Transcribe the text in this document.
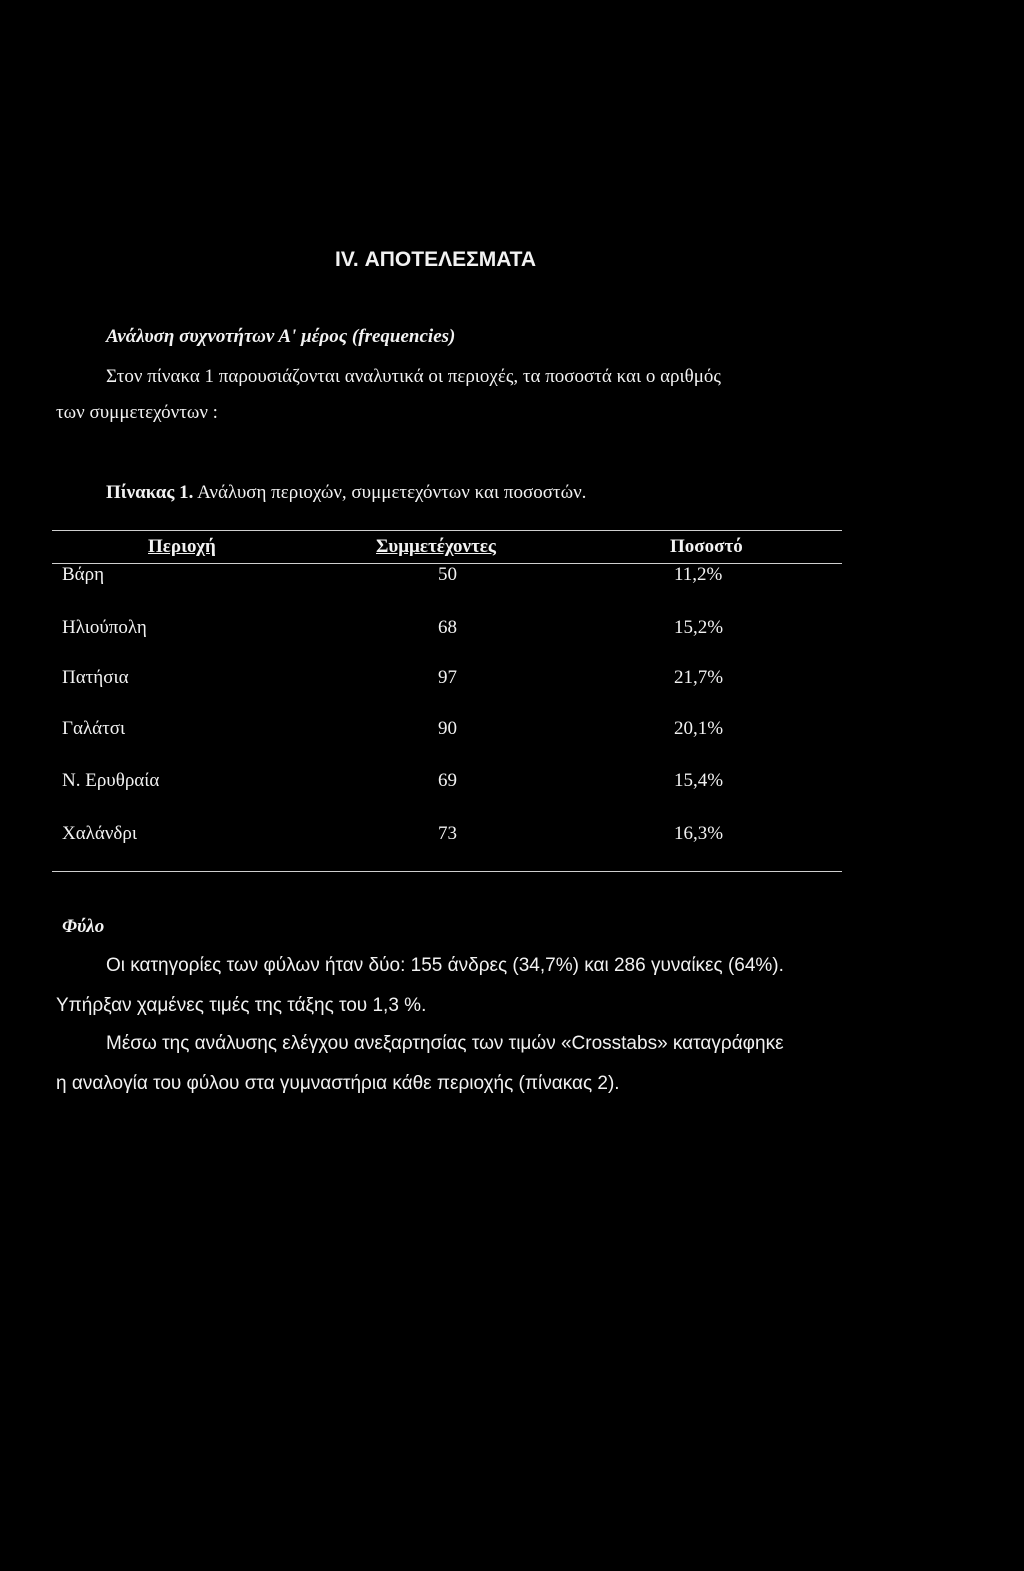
IV. ΑΠΟΤΕΛΕΣΜΑΤΑ
Ανάλυση συχνοτήτων Α' μέρος (frequencies)
Στον πίνακα 1 παρουσιάζονται αναλυτικά οι περιοχές, τα ποσοστά και ο αριθμός
των συμμετεχόντων :
Πίνακας 1. Ανάλυση περιοχών, συμμετεχόντων και ποσοστών.
Περιοχή	Συμμετέχοντες	Ποσοστό
Βάρη	50	11,2%
Ηλιούπολη	68	15,2%
Πατήσια	97	21,7%
Γαλάτσι	90	20,1%
Ν. Ερυθραία	69	15,4%
Χαλάνδρι	73	16,3%
Φύλο
Οι κατηγορίες των φύλων ήταν δύο: 155 άνδρες (34,7%) και 286 γυναίκες (64%).
Υπήρξαν χαμένες τιμές της τάξης του 1,3 %.
Μέσω της ανάλυσης ελέγχου ανεξαρτησίας των τιμών «Crosstabs» καταγράφηκε
η αναλογία του φύλου στα γυμναστήρια κάθε περιοχής (πίνακας 2).
